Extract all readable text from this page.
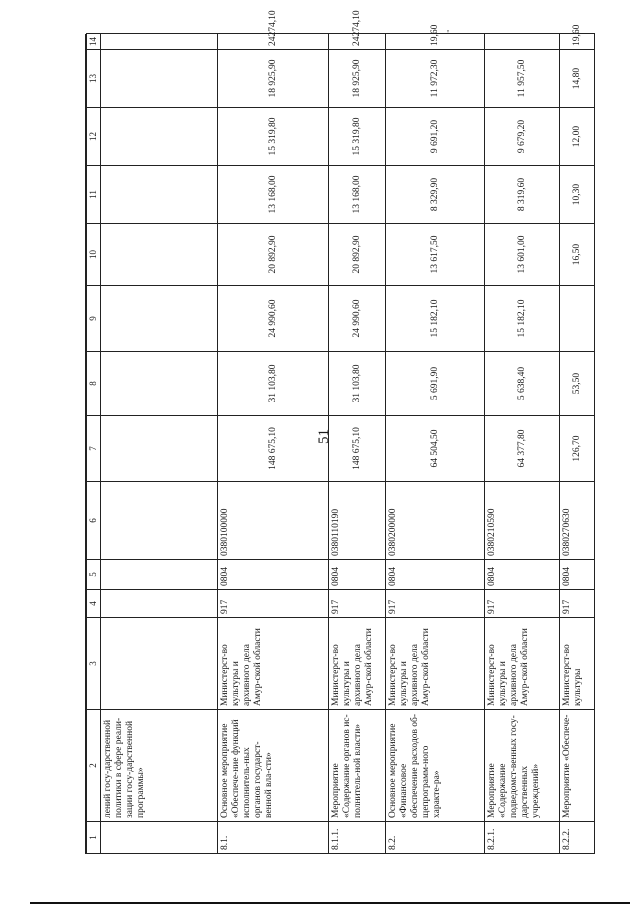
51
'
1	2	3	4	5	6	7	8	9	10	11	12	13	14
	лений госу-дарственной политики в сфере реали-зации госу-дарственной программы»												
8.1.	Основное мероприятие «Обеспече-ние функций исполнитель-ных органов государст-венной вла-сти»	Министерст-во культуры и архивного дела Амур-ской области	917	0804	0380100000	148 675,10	31 103,80	24 990,60	20 892,90	13 168,00	15 319,80	18 925,90	24274,10
8.1.1.	Мероприятие «Содержание органов ис-полнитель-ной власти»	Министерст-во культуры и архивного дела Амур-ской области	917	0804	0380110190	148 675,10	31 103,80	24 990,60	20 892,90	13 168,00	15 319,80	18 925,90	24274,10
8.2.	Основное мероприятие «Финансовое обеспечение расходов об-щепрограмм-ного характе-ра»	Министерст-во культуры и архивного дела Амур-ской области	917	0804	0380200000	64 504,50	5 691,90	15 182,10	13 617,50	8 329,90	9 691,20	11 972,30	19,60
8.2.1.	Мероприятие «Содержание подведомст-венных госу-дарственных учреждений»	Министерст-во культуры и архивного дела Амур-ской области	917	0804	0380210590	64 377,80	5 638,40	15 182,10	13 601,00	8 319,60	9 679,20	11 957,50	
8.2.2.	Мероприятие «Обеспече-	Министерст-во культуры	917	0804	0380270630	126,70	53,50		16,50	10,30	12,00	14,80	19,60
